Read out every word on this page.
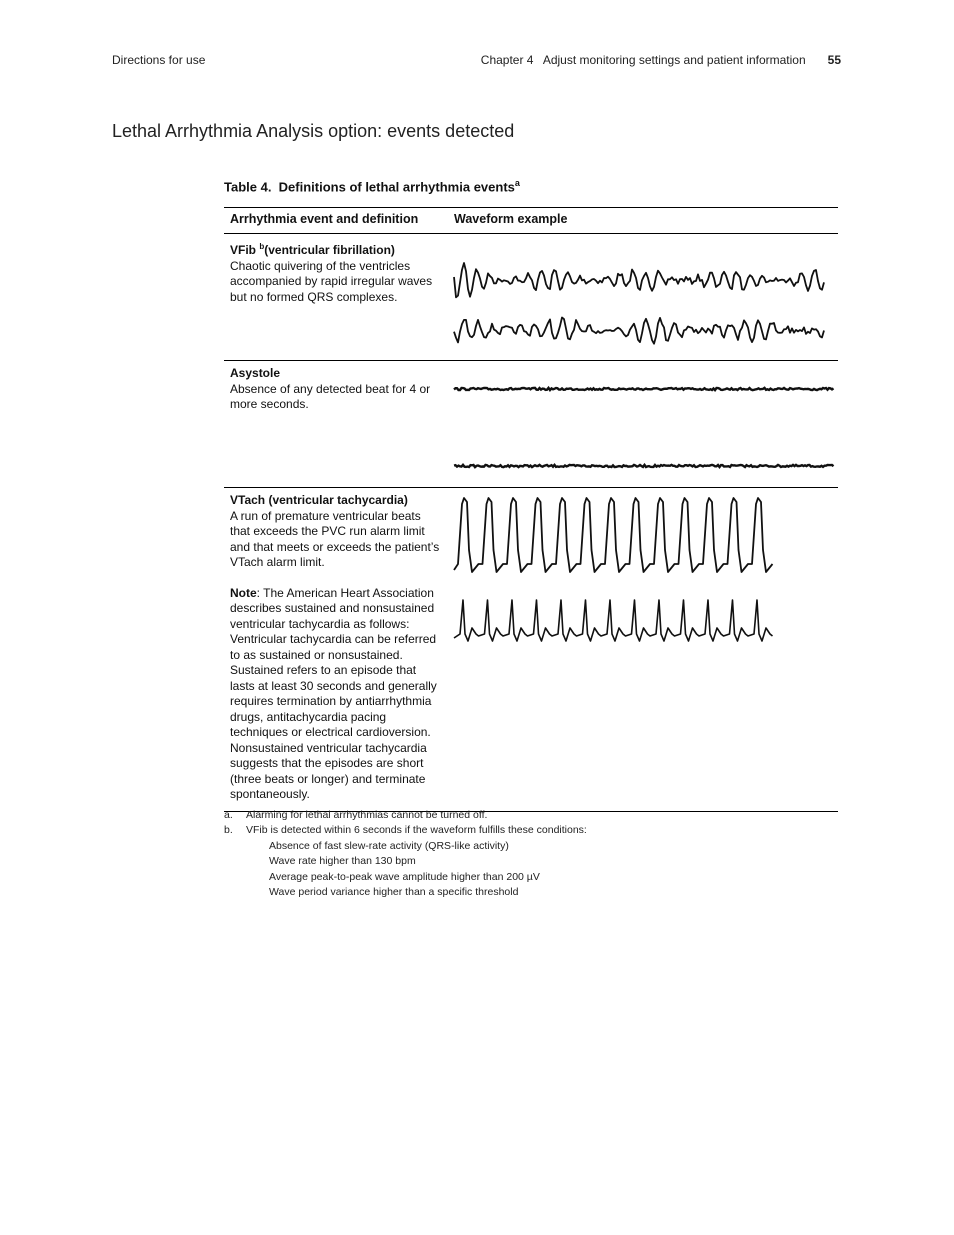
Directions for use	Chapter 4   Adjust monitoring settings and patient information 55
Lethal Arrhythmia Analysis option: events detected
Table 4.  Definitions of lethal arrhythmia events$^a$
Arrhythmia event and definition	Waveform example

VFib $^b$(ventricular fibrillation)
Chaotic quivering of the ventricles accompanied by rapid irregular waves but no formed QRS complexes.

Asystole
Absence of any detected beat for 4 or more seconds.

VTach (ventricular tachycardia)
A run of premature ventricular beats that exceeds the PVC run alarm limit and that meets or exceeds the patient’s VTach alarm limit.
Note: The American Heart Association describes sustained and nonsustained ventricular tachycardia as follows: Ventricular tachycardia can be referred to as sustained or nonsustained. Sustained refers to an episode that lasts at least 30 seconds and generally requires termination by antiarrhythmia drugs, antitachycardia pacing techniques or electrical cardioversion. Nonsustained ventricular tachycardia suggests that the episodes are short (three beats or longer) and terminate spontaneously.

a. Alarming for lethal arrhythmias cannot be turned off.
b. VFib is detected within 6 seconds if the waveform fulfills these conditions:
Absence of fast slew-rate activity (QRS-like activity)
Wave rate higher than 130 bpm
Average peak-to-peak wave amplitude higher than 200 µV
Wave period variance higher than a specific threshold
